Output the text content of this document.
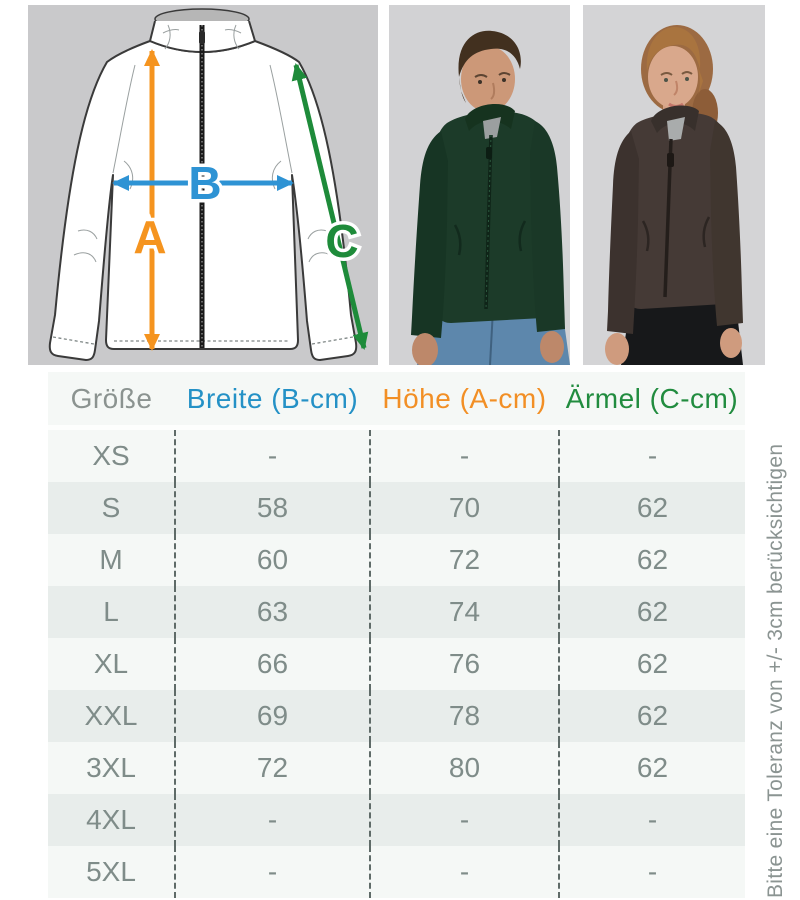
A
B
C
Größe	Breite (B-cm)	Höhe (A-cm)	Ärmel (C-cm)
XS	-	-	-
S	58	70	62
M	60	72	62
L	63	74	62
XL	66	76	62
XXL	69	78	62
3XL	72	80	62
4XL	-	-	-
5XL	-	-	-	Bitte eine Toleranz von +/- 3cm berücksichtigen
